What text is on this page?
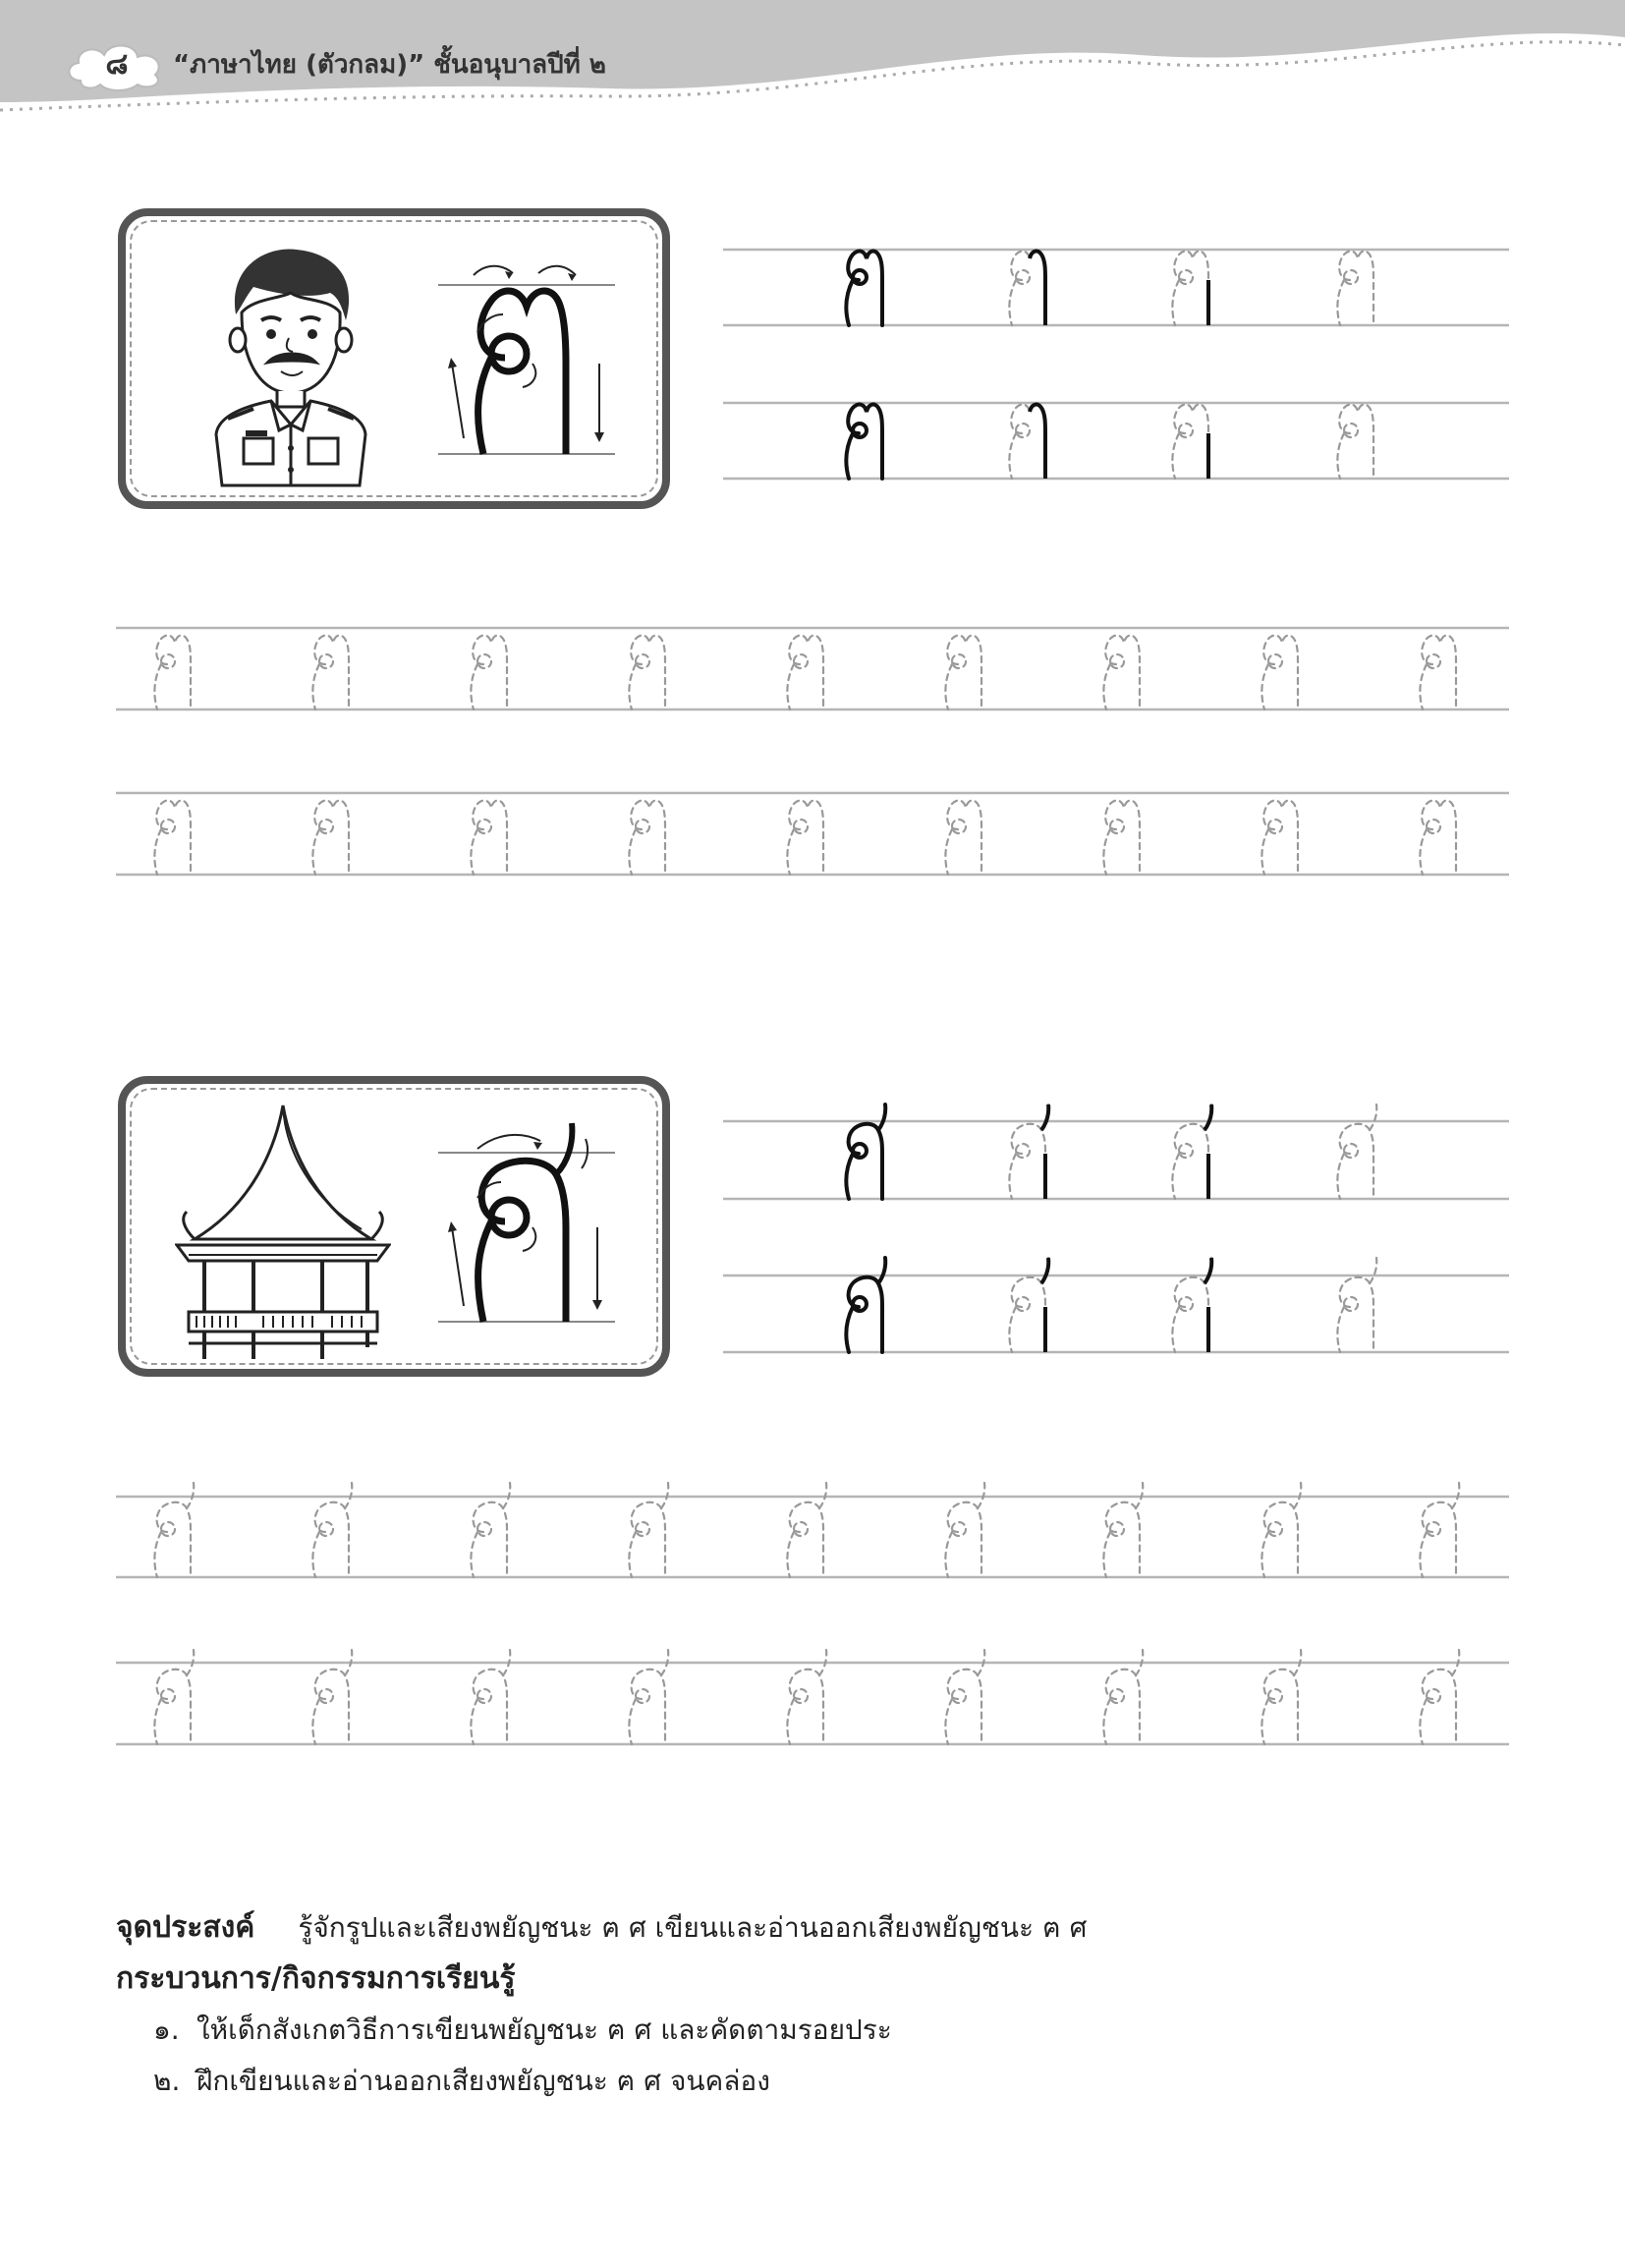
๘	“ภาษาไทย (ตัวกลม)” ชั้นอนุบาลปีที่ ๒
จุดประสงค์ รู้จักรูปและเสียงพยัญชนะ ฅ ศ เขียนและอ่านออกเสียงพยัญชนะ ฅ ศ
กระบวนการ/กิจกรรมการเรียนรู้
๑. ให้เด็กสังเกตวิธีการเขียนพยัญชนะ ฅ ศ และคัดตามรอยประ
๒. ฝึกเขียนและอ่านออกเสียงพยัญชนะ ฅ ศ จนคล่อง
